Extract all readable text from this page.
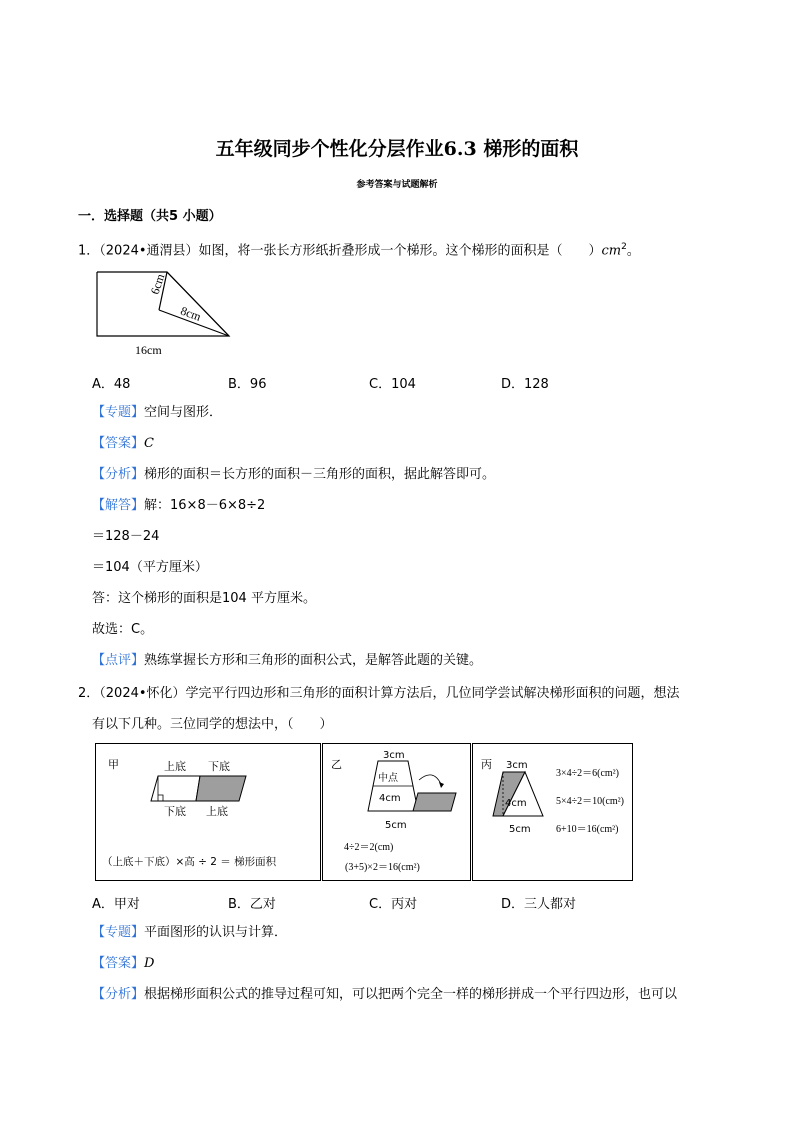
五年级同步个性化分层作业6.3 梯形的面积
参考答案与试题解析
一．选择题（共5 小题）
1．（2024•通渭县）如图，将一张长方形纸折叠形成一个梯形。这个梯形的面积是（　　）$cm^2$。
6cm
8cm
16cm
A．48	B．96	C．104	D．128
【专题】空间与图形．
【答案】C
【分析】梯形的面积＝长方形的面积－三角形的面积，据此解答即可。
【解答】解：16×8－6×8÷2
＝128－24
＝104（平方厘米）
答：这个梯形的面积是104 平方厘米。
故选：C。
【点评】熟练掌握长方形和三角形的面积公式，是解答此题的关键。
2．（2024•怀化）学完平行四边形和三角形的面积计算方法后，几位同学尝试解决梯形面积的问题，想法
有以下几种。三位同学的想法中，（　　）
甲	上底 下底
下底 上底
（上底＋下底）×高 ÷ 2 ＝ 梯形面积
乙
3cm
中点
4cm
5cm
4÷2＝2(cm)
(3+5)×2＝16(cm²)
丙 3cm
4cm
5cm
3×4÷2＝6(cm²)
5×4÷2＝10(cm²)
6+10＝16(cm²)
A．甲对	B．乙对	C．丙对	D．三人都对
【专题】平面图形的认识与计算．
【答案】D
【分析】根据梯形面积公式的推导过程可知，可以把两个完全一样的梯形拼成一个平行四边形，也可以
